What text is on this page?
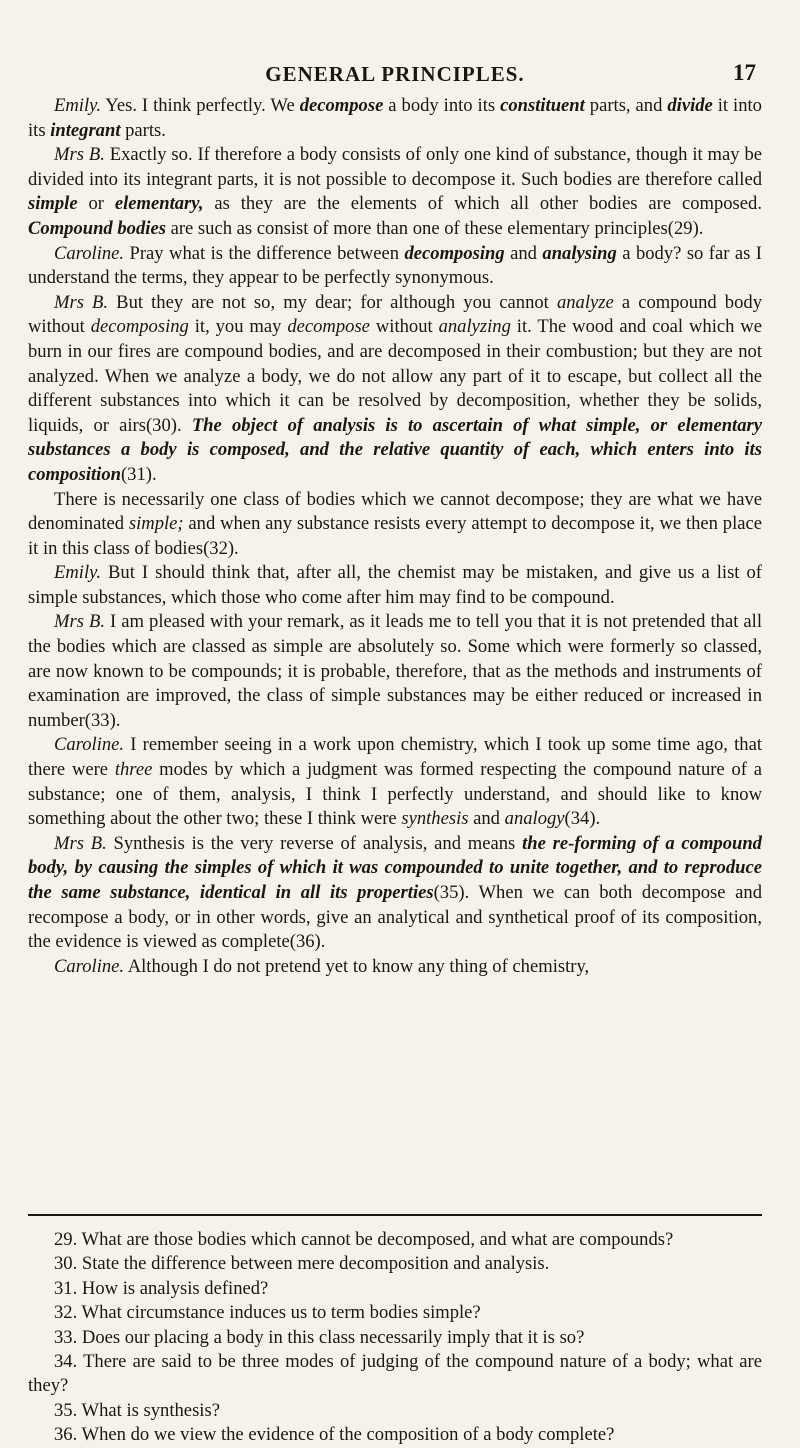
GENERAL PRINCIPLES.	17

Emily. Yes. I think perfectly. We decompose a body into its constituent parts, and divide it into its integrant parts.

Mrs B. Exactly so. If therefore a body consists of only one kind of substance, though it may be divided into its integrant parts, it is not possible to decompose it. Such bodies are therefore called simple or elementary, as they are the elements of which all other bodies are composed. Compound bodies are such as consist of more than one of these elementary principles(29).

Caroline. Pray what is the difference between decomposing and analysing a body? so far as I understand the terms, they appear to be perfectly synonymous.

Mrs B. But they are not so, my dear; for although you cannot analyze a compound body without decomposing it, you may decompose without analyzing it. The wood and coal which we burn in our fires are compound bodies, and are decomposed in their combustion; but they are not analyzed. When we analyze a body, we do not allow any part of it to escape, but collect all the different substances into which it can be resolved by decomposition, whether they be solids, liquids, or airs(30). The object of analysis is to ascertain of what simple, or elementary substances a body is composed, and the relative quantity of each, which enters into its composition(31).

There is necessarily one class of bodies which we cannot decompose; they are what we have denominated simple; and when any substance resists every attempt to decompose it, we then place it in this class of bodies(32).

Emily. But I should think that, after all, the chemist may be mistaken, and give us a list of simple substances, which those who come after him may find to be compound.

Mrs B. I am pleased with your remark, as it leads me to tell you that it is not pretended that all the bodies which are classed as simple are absolutely so. Some which were formerly so classed, are now known to be compounds; it is probable, therefore, that as the methods and instruments of examination are improved, the class of simple substances may be either reduced or increased in number(33).

Caroline. I remember seeing in a work upon chemistry, which I took up some time ago, that there were three modes by which a judgment was formed respecting the compound nature of a substance; one of them, analysis, I think I perfectly understand, and should like to know something about the other two; these I think were synthesis and analogy(34).

Mrs B. Synthesis is the very reverse of analysis, and means the re-forming of a compound body, by causing the simples of which it was compounded to unite together, and to reproduce the same substance, identical in all its properties(35). When we can both decompose and recompose a body, or in other words, give an analytical and synthetical proof of its composition, the evidence is viewed as complete(36).

Caroline. Although I do not pretend yet to know any thing of chemistry,

29. What are those bodies which cannot be decomposed, and what are compounds?

30. State the difference between mere decomposition and analysis.

31. How is analysis defined?

32. What circumstance induces us to term bodies simple?

33. Does our placing a body in this class necessarily imply that it is so?

34. There are said to be three modes of judging of the compound nature of a body; what are they?

35. What is synthesis?

36. When do we view the evidence of the composition of a body complete?
